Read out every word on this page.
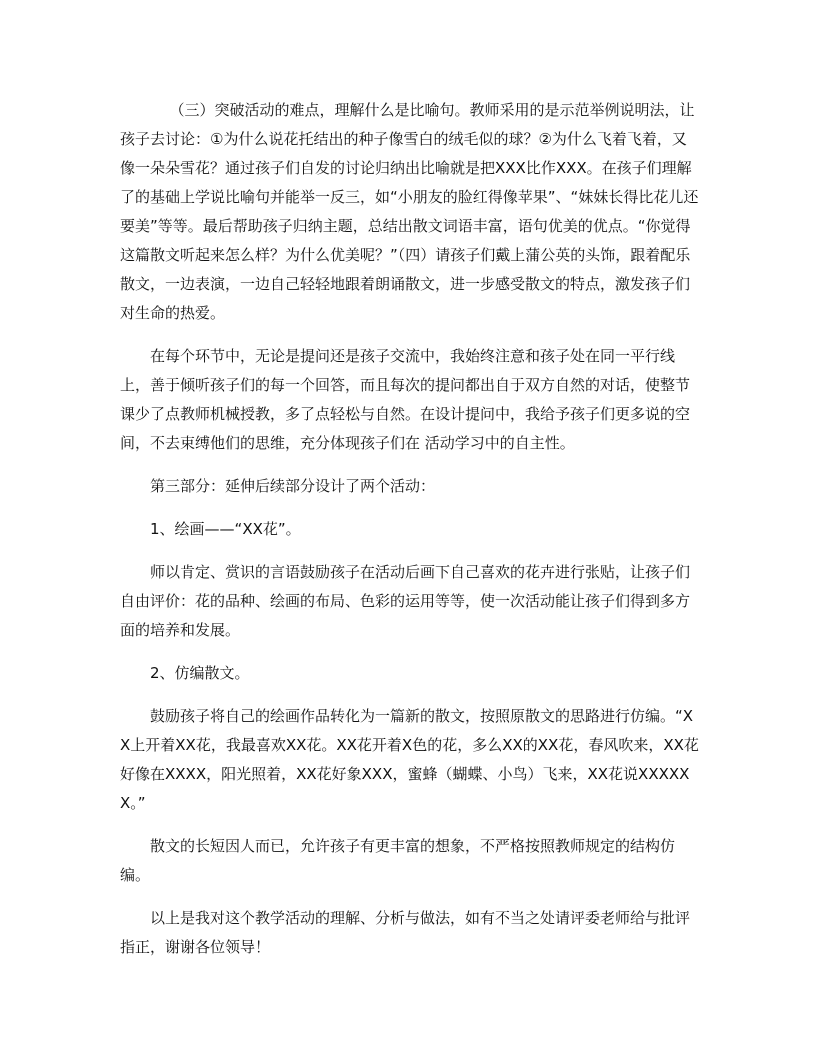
（三）突破活动的难点，理解什么是比喻句。教师采用的是示范举例说明法，让孩子去讨论：①为什么说花托结出的种子像雪白的绒毛似的球？②为什么飞着飞着，又像一朵朵雪花？通过孩子们自发的讨论归纳出比喻就是把XXX比作XXX。在孩子们理解了的基础上学说比喻句并能举一反三，如“小朋友的脸红得像苹果”、“妹妹长得比花儿还要美”等等。最后帮助孩子归纳主题，总结出散文词语丰富，语句优美的优点。“你觉得这篇散文听起来怎么样？为什么优美呢？”（四）请孩子们戴上蒲公英的头饰，跟着配乐散文，一边表演，一边自己轻轻地跟着朗诵散文，进一步感受散文的特点，激发孩子们对生命的热爱。

在每个环节中，无论是提问还是孩子交流中，我始终注意和孩子处在同一平行线上，善于倾听孩子们的每一个回答，而且每次的提问都出自于双方自然的对话，使整节课少了点教师机械授教，多了点轻松与自然。在设计提问中，我给予孩子们更多说的空间，不去束缚他们的思维，充分体现孩子们在 活动学习中的自主性。

第三部分：延伸后续部分设计了两个活动：

1、绘画——“XX花”。

师以肯定、赏识的言语鼓励孩子在活动后画下自己喜欢的花卉进行张贴，让孩子们自由评价：花的品种、绘画的布局、色彩的运用等等，使一次活动能让孩子们得到多方面的培养和发展。

2、仿编散文。

鼓励孩子将自己的绘画作品转化为一篇新的散文，按照原散文的思路进行仿编。“XX上开着XX花，我最喜欢XX花。XX花开着X色的花，多么XX的XX花，春风吹来，XX花好像在XXXX，阳光照着，XX花好象XXX，蜜蜂（蝴蝶、小鸟）飞来，XX花说XXXXXX。”

散文的长短因人而已，允许孩子有更丰富的想象，不严格按照教师规定的结构仿编。

以上是我对这个教学活动的理解、分析与做法，如有不当之处请评委老师给与批评指正，谢谢各位领导！
